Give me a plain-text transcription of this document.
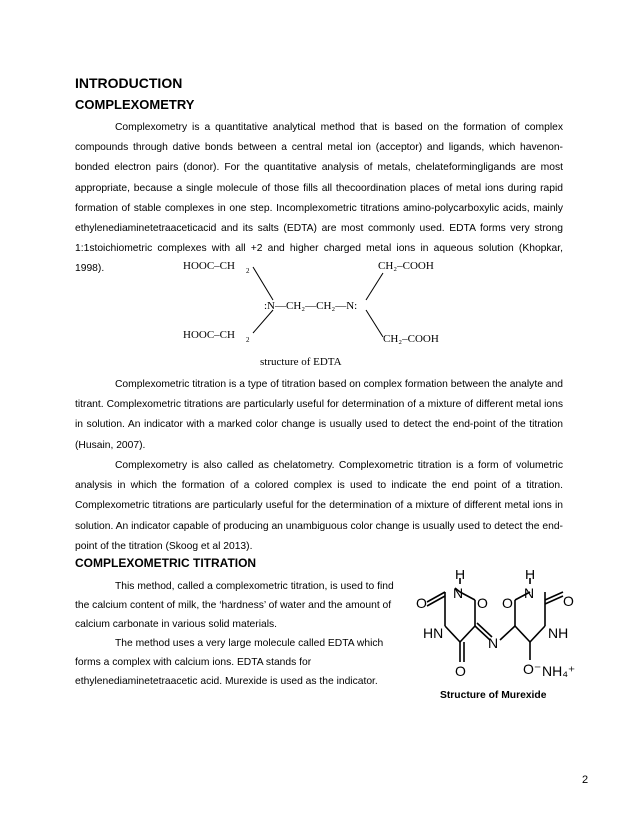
INTRODUCTION
COMPLEXOMETRY
Complexometry is a quantitative analytical method that is based on the formation of complex compounds through dative bonds between a central metal ion (acceptor) and ligands, which havenon-bonded electron pairs (donor). For the quantitative analysis of metals, chelateformingligands are most appropriate, because a single molecule of those fills all thecoordination places of metal ions during rapid formation of stable complexes in one step. Incomplexometric titrations amino-polycarboxylic acids, mainly ethylenediaminetetraaceticacid and its salts (EDTA) are most commonly used. EDTA forms very strong 1:1stoichiometric complexes with all +2 and higher charged metal ions in aqueous solution (Khopkar, 1998).	HOOC–CH 2
HOOC–CH 2
:N—CH₂—CH₂—N:
CH₂–COOH
CH₂–COOH
structure of EDTA
Complexometric titration is a type of titration based on complex formation between the analyte and titrant. Complexometric titrations are particularly useful for determination of a mixture of different metal ions in solution. An indicator with a marked color change is usually used to detect the end-point of the titration (Husain, 2007).
Complexometry is also called as chelatometry. Complexometric titration is a form of volumetric analysis in which the formation of a colored complex is used to indicate the end point of a titration. Complexometric titrations are particularly useful for the determination of a mixture of different metal ions in solution. An indicator capable of producing an unambiguous color change is usually used to detect the end-point of the titration (Skoog et al 2013).
COMPLEXOMETRIC TITRATION
This method, called a complexometric titration, is used to find the calcium content of milk, the ‘hardness’ of water and the amount of calcium carbonate in various solid materials.
The method uses a very large molecule called EDTA which forms a complex with calcium ions. EDTA stands for ethylenediaminetetraacetic acid. Murexide is used as the indicator.
H	H
O
N
O O
N O
HN	NH
N
O	O⁻ NH₄⁺
Structure of Murexide
2
